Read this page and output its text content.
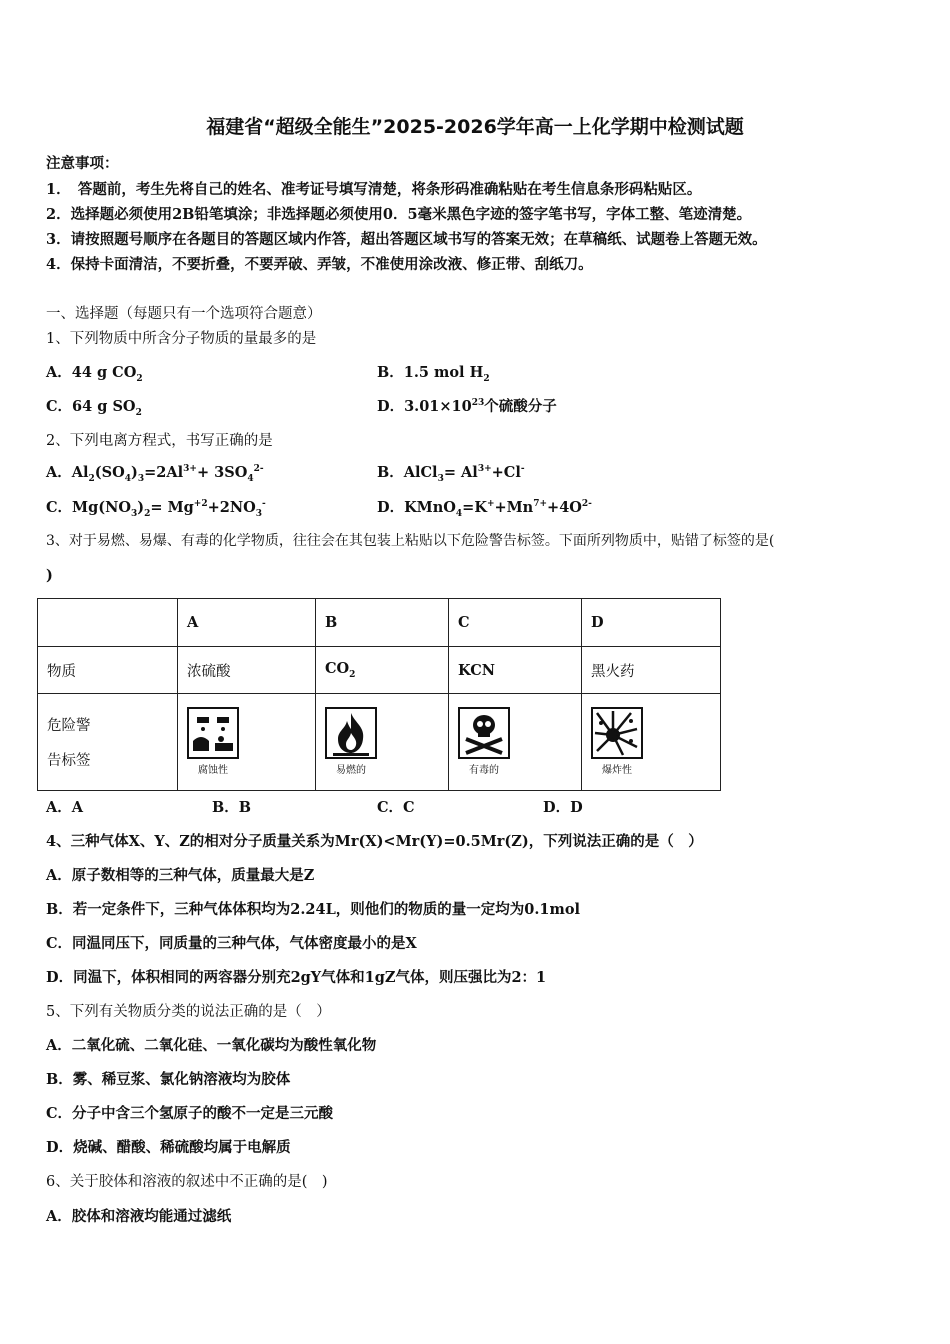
福建省“超级全能生”2025-2026学年高一上化学期中检测试题
注意事项：
1．　答题前，考生先将自己的姓名、准考证号填写清楚，将条形码准确粘贴在考生信息条形码粘贴区。
2．选择题必须使用2B铅笔填涂；非选择题必须使用0．5毫米黑色字迹的签字笔书写，字体工整、笔迹清楚。
3．请按照题号顺序在各题目的答题区域内作答，超出答题区域书写的答案无效；在草稿纸、试题卷上答题无效。
4．保持卡面清洁，不要折叠，不要弄破、弄皱，不准使用涂改液、修正带、刮纸刀。
一、选择题（每题只有一个选项符合题意）
1、下列物质中所含分子物质的量最多的是
A．44 g $CO_2$	B．1.5 mol $H_2$
C．64 g $SO_2$	D．$3.01\times 10^{23}$个硫酸分子
2、下列电离方程式，书写正确的是
A．$Al_2(SO_4)_3=2Al^{3+}+ 3SO_4^{2-}$	B．AlCl$_3$= $Al^{3+}+Cl^-$
C．$Mg(NO_3)_2= Mg^{+2}+2NO_3^-$	D．$KMnO_4=K^++Mn^{7+}+4O^{2-}$
3、对于易燃、易爆、有毒的化学物质，往往会在其包装上粘贴以下危险警告标签。下面所列物质中，贴错了标签的是(
)
	A	B	C	D
物质	浓硫酸	$CO_2$	KCN	黑火药

危险警
告标签	腐蚀性	易燃的	有毒的	爆炸性
A．A	B．B	C．C	D．D
4、三种气体X、Y、Z的相对分子质量关系为Mr(X)<Mr(Y)=0.5Mr(Z)，下列说法正确的是（　）
A．原子数相等的三种气体，质量最大是Z
B．若一定条件下，三种气体体积均为2.24L，则他们的物质的量一定均为0.1mol
C．同温同压下，同质量的三种气体，气体密度最小的是X
D．同温下，体积相同的两容器分别充2gY气体和1gZ气体，则压强比为2：1
5、下列有关物质分类的说法正确的是（　）
A．二氧化硫、二氧化硅、一氧化碳均为酸性氧化物
B．雾、稀豆浆、氯化钠溶液均为胶体
C．分子中含三个氢原子的酸不一定是三元酸
D．烧碱、醋酸、稀硫酸均属于电解质
6、关于胶体和溶液的叙述中不正确的是(　)
A．胶体和溶液均能通过滤纸
